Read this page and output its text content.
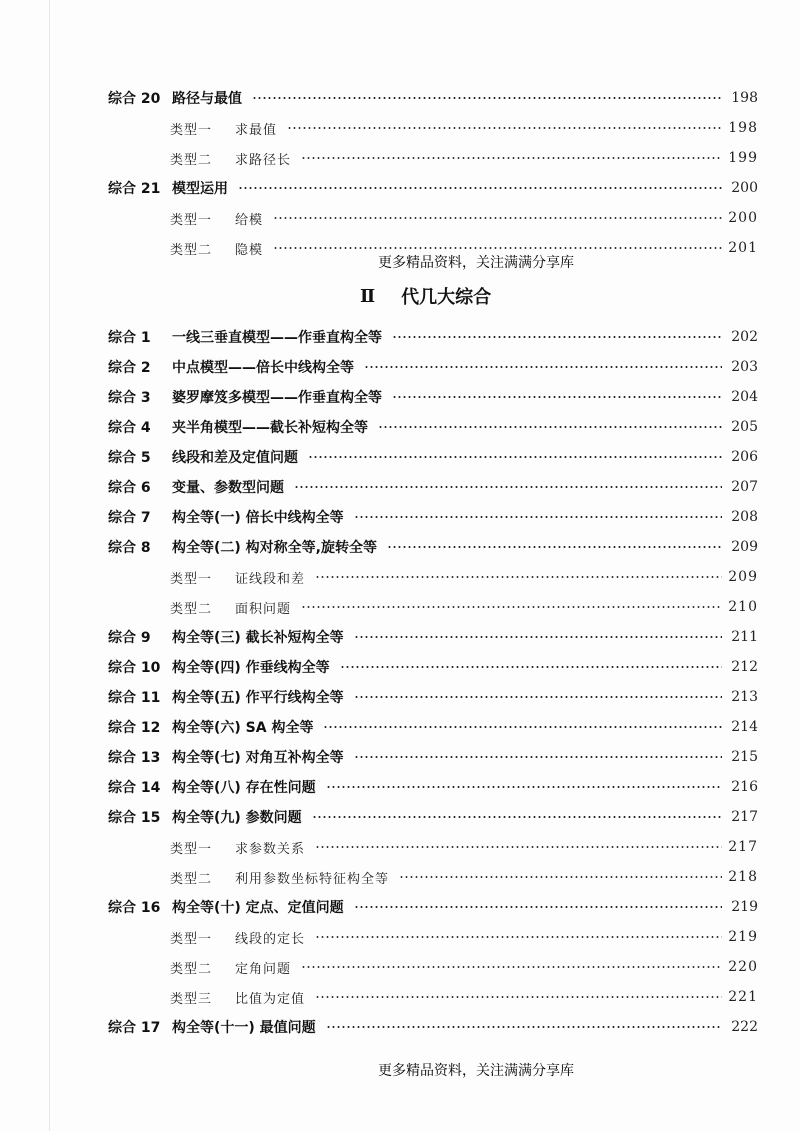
综合 20 路径与最值	198
类型一	求最值	198
类型二	求路径长	199
综合 21 模型运用	200
类型一	给模	200
类型二	隐模	201
更多精品资料，关注满满分享库
Ⅱ 代几大综合
综合 1	一线三垂直模型——作垂直构全等	202
综合 2	中点模型——倍长中线构全等	203
综合 3	婆罗摩笈多模型——作垂直构全等	204
综合 4	夹半角模型——截长补短构全等	205
综合 5	线段和差及定值问题	206
综合 6	变量、参数型问题	207
综合 7	构全等(一) 倍长中线构全等	208
综合 8	构全等(二) 构对称全等,旋转全等	209
类型一	证线段和差	209
类型二	面积问题	210
综合 9	构全等(三) 截长补短构全等	211
综合 10 构全等(四) 作垂线构全等	212
综合 11 构全等(五) 作平行线构全等	213
综合 12 构全等(六) SA 构全等	214
综合 13 构全等(七) 对角互补构全等	215
综合 14 构全等(八) 存在性问题	216
综合 15 构全等(九) 参数问题	217
类型一	求参数关系	217
类型二	利用参数坐标特征构全等	218
综合 16 构全等(十) 定点、定值问题	219
类型一	线段的定长	219
类型二	定角问题	220
类型三	比值为定值	221
综合 17 构全等(十一) 最值问题	222
更多精品资料，关注满满分享库
